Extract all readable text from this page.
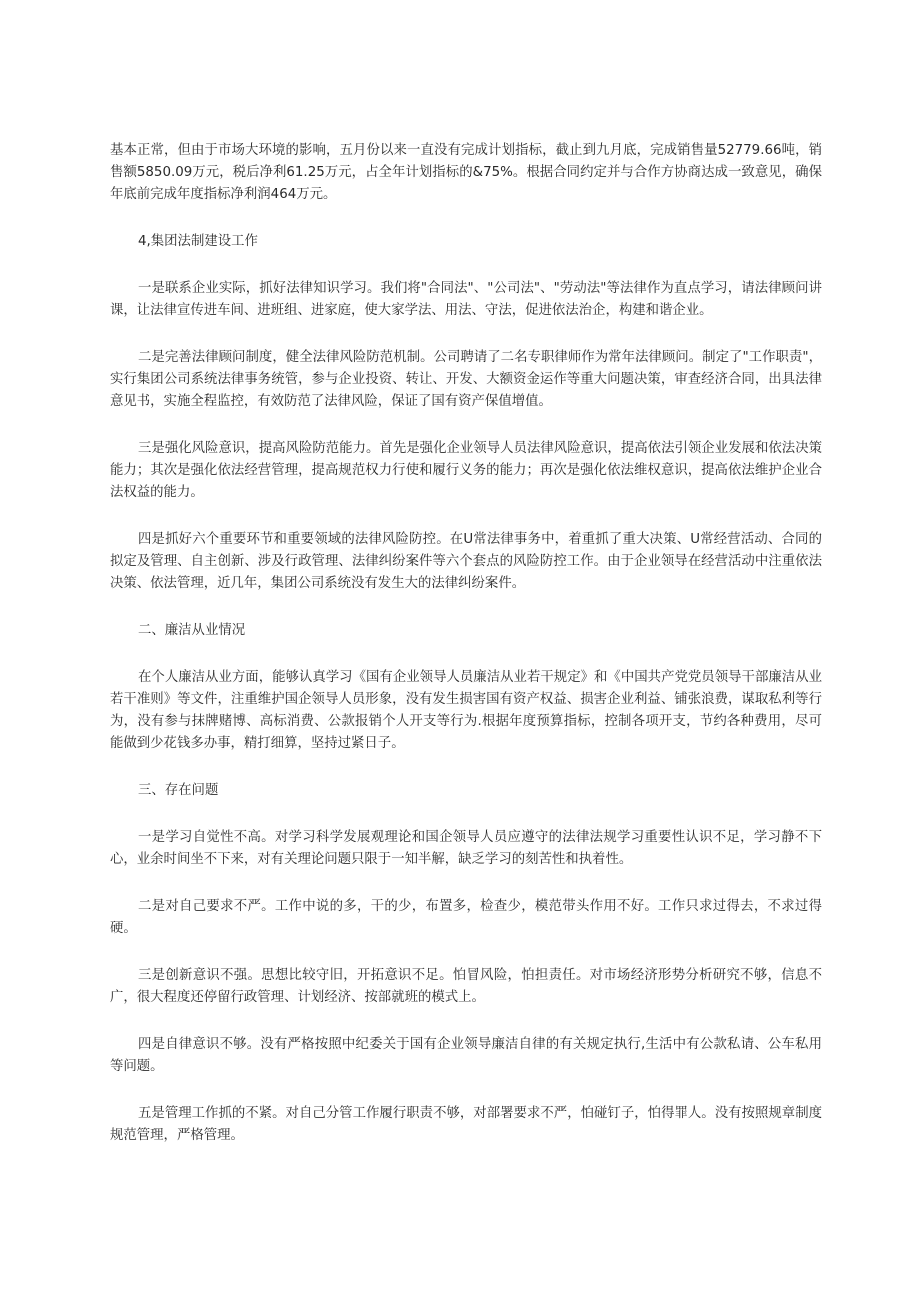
基本正常，但由于市场大环境的影响，五月份以来一直没有完成计划指标，截止到九月底，完成销售量52779.66吨，销售额5850.09万元，税后净利61.25万元，占全年计划指标的&75%。根据合同约定并与合作方协商达成一致意见，确保年底前完成年度指标净利润464万元。

4,集团法制建设工作

一是联系企业实际，抓好法律知识学习。我们将"合同法"、"公司法"、"劳动法"等法律作为直点学习，请法律顾问讲课，让法律宣传进车间、进班组、进家庭，使大家学法、用法、守法，促进依法治企，构建和谐企业。

二是完善法律顾问制度，健全法律风险防范机制。公司聘请了二名专职律师作为常年法律顾问。制定了"工作职责"，实行集团公司系统法律事务统管，参与企业投资、转让、开发、大额资金运作等重大问题决策，审查经济合同，出具法律意见书，实施全程监控，有效防范了法律风险，保证了国有资产保值增值。

三是强化风险意识，提高风险防范能力。首先是强化企业领导人员法律风险意识，提高依法引领企业发展和依法决策能力；其次是强化依法经营管理，提高规范权力行使和履行义务的能力；再次是强化依法维权意识，提高依法维护企业合法权益的能力。

四是抓好六个重要环节和重要领域的法律风险防控。在U常法律事务中，着重抓了重大决策、U常经营活动、合同的拟定及管理、自主创新、涉及行政管理、法律纠纷案件等六个套点的风险防控工作。由于企业领导在经营活动中注重依法决策、依法管理，近几年，集团公司系统没有发生大的法律纠纷案件。

二、廉洁从业情况

在个人廉洁从业方面，能够认真学习《国有企业领导人员廉洁从业若干规定》和《中国共产党党员领导干部廉洁从业若干准则》等文件，注重维护国企领导人员形象，没有发生损害国有资产权益、损害企业利益、铺张浪费，谋取私利等行为，没有参与抹牌赌博、高标消费、公款报销个人开支等行为.根据年度预算指标，控制各项开支，节约各种费用，尽可能做到少花钱多办事，精打细算，坚持过紧日子。

三、存在问题

一是学习自觉性不高。对学习科学发展观理论和国企领导人员应遵守的法律法规学习重要性认识不足，学习静不下心，业余时间坐不下来，对有关理论问题只限于一知半解，缺乏学习的刻苦性和执着性。

二是对自己要求不严。工作中说的多，干的少，布置多，检查少，模范带头作用不好。工作只求过得去，不求过得硬。

三是创新意识不强。思想比较守旧，开拓意识不足。怕冒风险，怕担责任。对市场经济形势分析研究不够，信息不广，很大程度还停留行政管理、计划经济、按部就班的模式上。

四是自律意识不够。没有严格按照中纪委关于国有企业领导廉洁自律的有关规定执行,生活中有公款私请、公车私用等问题。

五是管理工作抓的不紧。对自己分管工作履行职责不够，对部署要求不严，怕碰钉子，怕得罪人。没有按照规章制度规范管理，严格管理。
